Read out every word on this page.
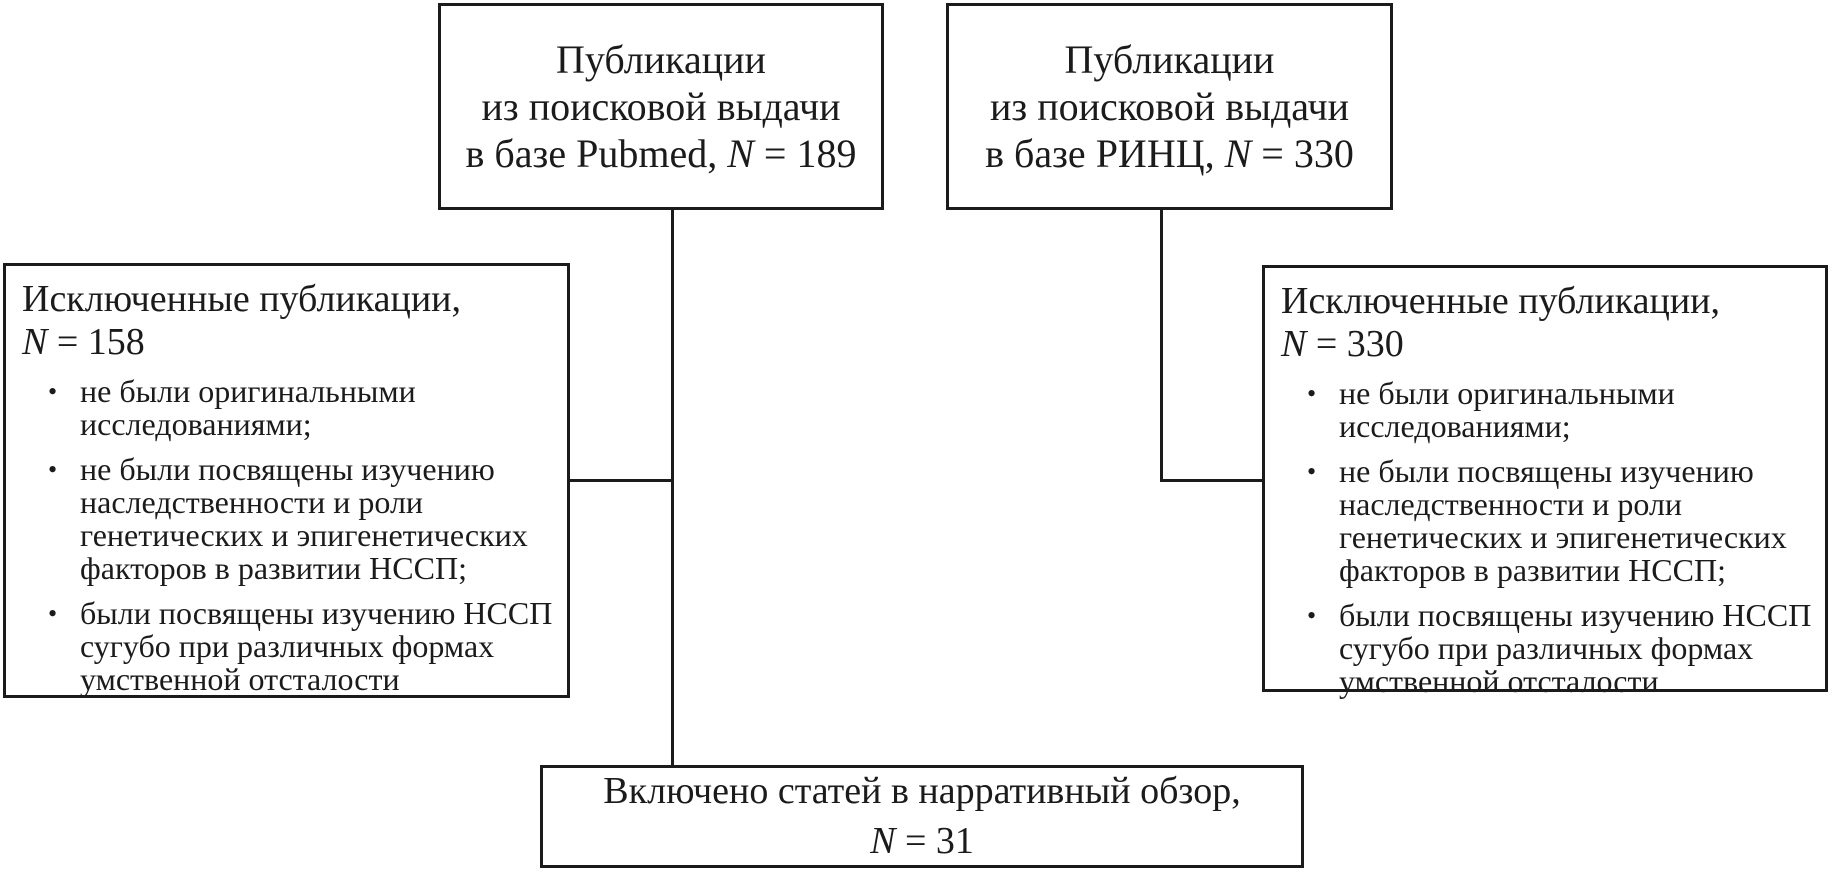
Публикации
из поисковой выдачи
в базе Pubmed, N = 189
Публикации
из поисковой выдачи
в базе РИНЦ, N = 330
Исключенные публикации,
N = 158
• не были оригинальными исследованиями;
• не были посвящены изучению наследственности и роли генетических и эпигенетических факторов в развитии НССП;
• были посвящены изучению НССП сугубо при различных формах умственной отсталости
Исключенные публикации,
N = 330
• не были оригинальными исследованиями;
• не были посвящены изучению наследственности и роли генетических и эпигенетических факторов в развитии НССП;
• были посвящены изучению НССП сугубо при различных формах умственной отсталости
Включено статей в нарративный обзор,
N = 31
